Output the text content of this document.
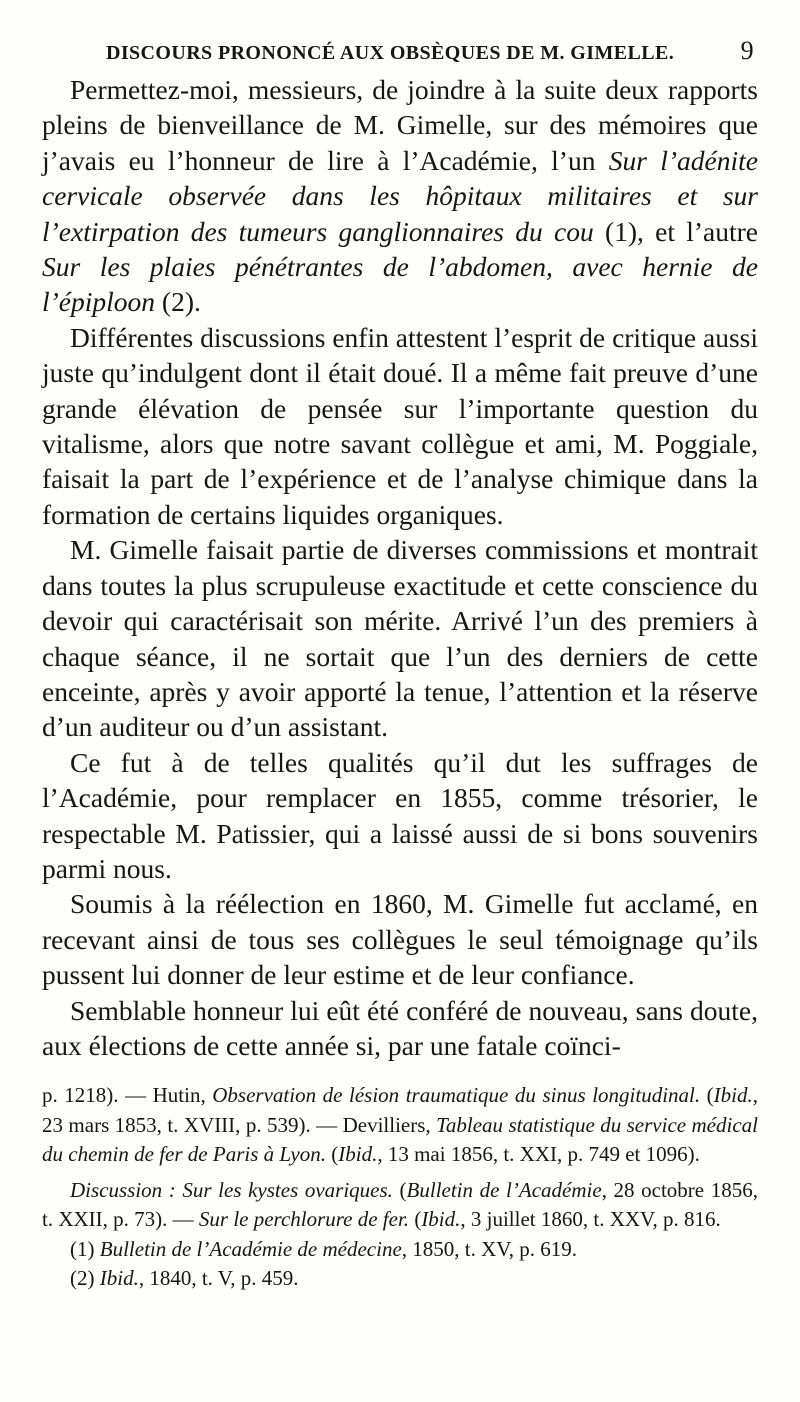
DISCOURS PRONONCÉ AUX OBSÈQUES DE M. GIMELLE.	9

Permettez-moi, messieurs, de joindre à la suite deux rapports pleins de bienveillance de M. Gimelle, sur des mémoires que j’avais eu l’honneur de lire à l’Académie, l’un Sur l’adénite cervicale observée dans les hôpitaux militaires et sur l’extirpation des tumeurs ganglionnaires du cou (1), et l’autre Sur les plaies pénétrantes de l’abdomen, avec hernie de l’épiploon (2).

Différentes discussions enfin attestent l’esprit de critique aussi juste qu’indulgent dont il était doué. Il a même fait preuve d’une grande élévation de pensée sur l’importante question du vitalisme, alors que notre savant collègue et ami, M. Poggiale, faisait la part de l’expérience et de l’analyse chimique dans la formation de certains liquides organiques.

M. Gimelle faisait partie de diverses commissions et montrait dans toutes la plus scrupuleuse exactitude et cette conscience du devoir qui caractérisait son mérite. Arrivé l’un des premiers à chaque séance, il ne sortait que l’un des derniers de cette enceinte, après y avoir apporté la tenue, l’attention et la réserve d’un auditeur ou d’un assistant.

Ce fut à de telles qualités qu’il dut les suffrages de l’Académie, pour remplacer en 1855, comme trésorier, le respectable M. Patissier, qui a laissé aussi de si bons souvenirs parmi nous.

Soumis à la réélection en 1860, M. Gimelle fut acclamé, en recevant ainsi de tous ses collègues le seul témoignage qu’ils pussent lui donner de leur estime et de leur confiance.

Semblable honneur lui eût été conféré de nouveau, sans doute, aux élections de cette année si, par une fatale coïnci-

p. 1218). — Hutin, Observation de lésion traumatique du sinus longitudinal. (Ibid., 23 mars 1853, t. XVIII, p. 539). — Devilliers, Tableau statistique du service médical du chemin de fer de Paris à Lyon. (Ibid., 13 mai 1856, t. XXI, p. 749 et 1096).

Discussion : Sur les kystes ovariques. (Bulletin de l’Académie, 28 octobre 1856, t. XXII, p. 73). — Sur le perchlorure de fer. (Ibid., 3 juillet 1860, t. XXV, p. 816.

(1) Bulletin de l’Académie de médecine, 1850, t. XV, p. 619.

(2) Ibid., 1840, t. V, p. 459.
